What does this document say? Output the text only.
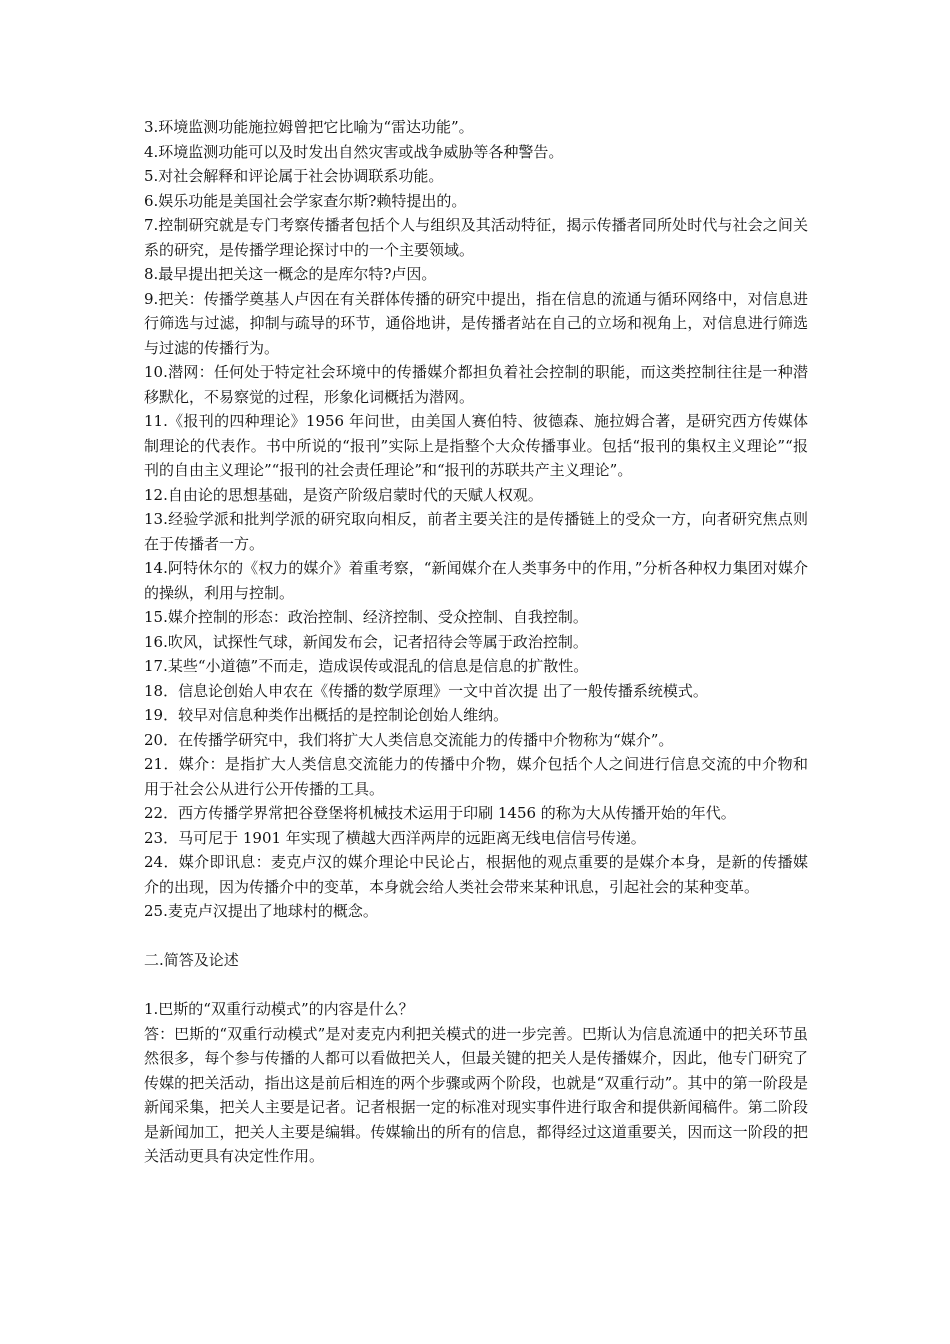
3.环境监测功能施拉姆曾把它比喻为“雷达功能”。

4.环境监测功能可以及时发出自然灾害或战争威胁等各种警告。

5.对社会解释和评论属于社会协调联系功能。

6.娱乐功能是美国社会学家查尔斯?赖特提出的。

7.控制研究就是专门考察传播者包括个人与组织及其活动特征，揭示传播者同所处时代与社会之间关系的研究，是传播学理论探讨中的一个主要领域。

8.最早提出把关这一概念的是库尔特?卢因。

9.把关：传播学奠基人卢因在有关群体传播的研究中提出，指在信息的流通与循环网络中，对信息进行筛选与过滤，抑制与疏导的环节，通俗地讲，是传播者站在自己的立场和视角上，对信息进行筛选与过滤的传播行为。

10.潜网：任何处于特定社会环境中的传播媒介都担负着社会控制的职能，而这类控制往往是一种潜移默化，不易察觉的过程，形象化词概括为潜网。

11.《报刊的四种理论》1956 年问世，由美国人赛伯特、彼德森、施拉姆合著，是研究西方传媒体制理论的代表作。书中所说的“报刊”实际上是指整个大众传播事业。包括“报刊的集权主义理论”“报刊的自由主义理论”“报刊的社会责任理论”和“报刊的苏联共产主义理论”。

12.自由论的思想基础，是资产阶级启蒙时代的天赋人权观。

13.经验学派和批判学派的研究取向相反，前者主要关注的是传播链上的受众一方，向者研究焦点则在于传播者一方。

14.阿特休尔的《权力的媒介》着重考察，“新闻媒介在人类事务中的作用，”分析各种权力集团对媒介的操纵，利用与控制。

15.媒介控制的形态：政治控制、经济控制、受众控制、自我控制。

16.吹风，试探性气球，新闻发布会，记者招待会等属于政治控制。

17.某些“小道德”不而走，造成误传或混乱的信息是信息的扩散性。

18．信息论创始人申农在《传播的数学原理》一文中首次提 出了一般传播系统模式。

19．较早对信息种类作出概括的是控制论创始人维纳。

20．在传播学研究中，我们将扩大人类信息交流能力的传播中介物称为“媒介”。

21．媒介：是指扩大人类信息交流能力的传播中介物，媒介包括个人之间进行信息交流的中介物和用于社会公从进行公开传播的工具。

22．西方传播学界常把谷登堡将机械技术运用于印刷 1456 的称为大从传播开始的年代。

23．马可尼于 1901 年实现了横越大西洋两岸的远距离无线电信信号传递。

24．媒介即讯息：麦克卢汉的媒介理论中民论占，根据他的观点重要的是媒介本身，是新的传播媒介的出现，因为传播介中的变革，本身就会给人类社会带来某种讯息，引起社会的某种变革。

25.麦克卢汉提出了地球村的概念。

二.简答及论述

1.巴斯的“双重行动模式”的内容是什么？

答：巴斯的“双重行动模式”是对麦克内利把关模式的进一步完善。巴斯认为信息流通中的把关环节虽然很多，每个参与传播的人都可以看做把关人，但最关键的把关人是传播媒介，因此，他专门研究了传媒的把关活动，指出这是前后相连的两个步骤或两个阶段，也就是“双重行动”。其中的第一阶段是新闻采集，把关人主要是记者。记者根据一定的标准对现实事件进行取舍和提供新闻稿件。第二阶段是新闻加工，把关人主要是编辑。传媒输出的所有的信息，都得经过这道重要关，因而这一阶段的把关活动更具有决定性作用。
